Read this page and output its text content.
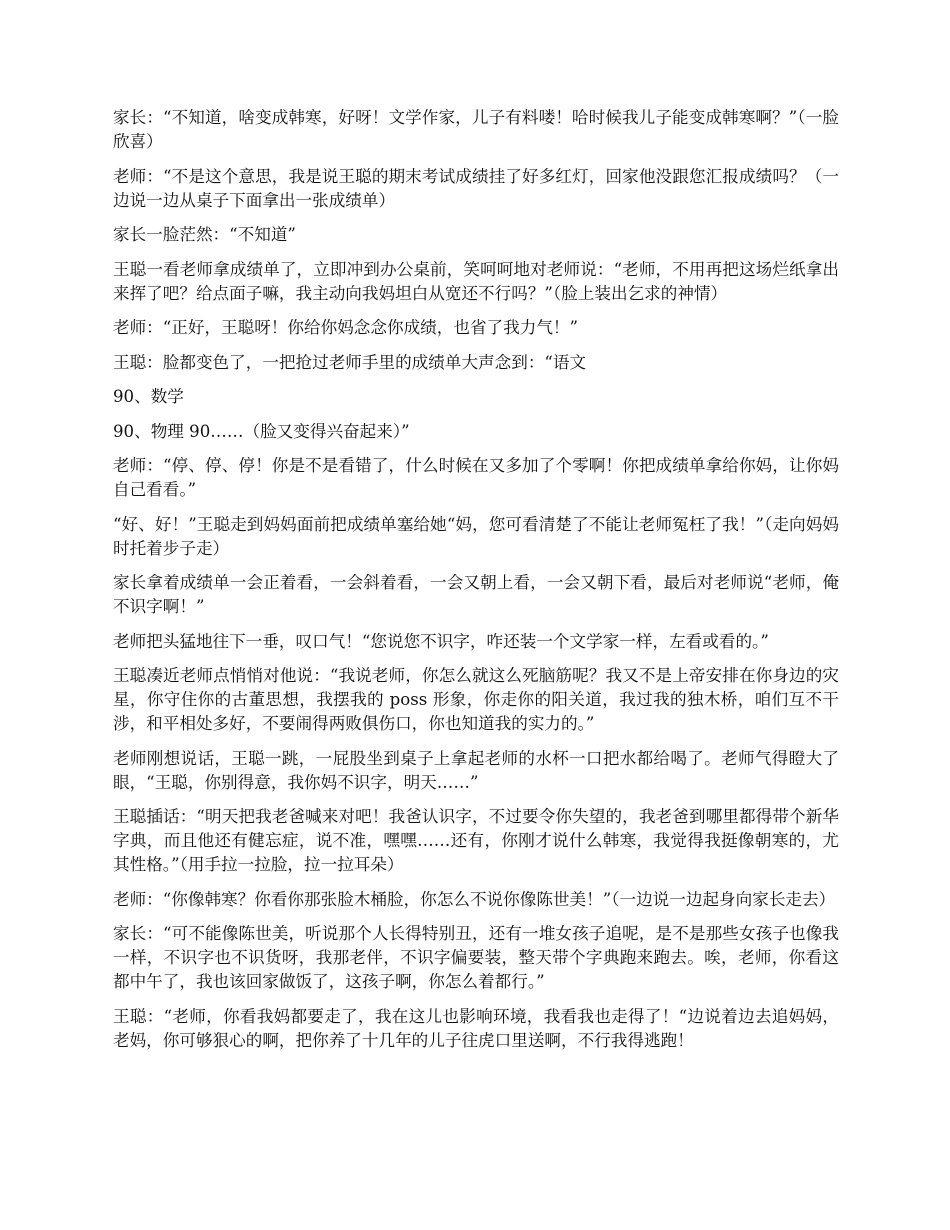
家长：“不知道，啥变成韩寒，好呀！文学作家，儿子有料喽！哈时候我儿子能变成韩寒啊？”（一脸欣喜）

老师：“不是这个意思，我是说王聪的期末考试成绩挂了好多红灯，回家他没跟您汇报成绩吗？（一边说一边从桌子下面拿出一张成绩单）

家长一脸茫然：“不知道”

王聪一看老师拿成绩单了，立即冲到办公桌前，笑呵呵地对老师说：“老师，不用再把这场烂纸拿出来挥了吧？给点面子嘛，我主动向我妈坦白从宽还不行吗？”（脸上装出乞求的神情）

老师：“正好，王聪呀！你给你妈念念你成绩，也省了我力气！”

王聪：脸都变色了，一把抢过老师手里的成绩单大声念到：“语文

90、数学

90、物理 90……（脸又变得兴奋起来）”

老师：“停、停、停！你是不是看错了，什么时候在又多加了个零啊！你把成绩单拿给你妈，让你妈自己看看。”

“好、好！”王聪走到妈妈面前把成绩单塞给她“妈，您可看清楚了不能让老师冤枉了我！”（走向妈妈时托着步子走）

家长拿着成绩单一会正着看，一会斜着看，一会又朝上看，一会又朝下看，最后对老师说“老师，俺不识字啊！”

老师把头猛地往下一垂，叹口气！“您说您不识字，咋还装一个文学家一样，左看或看的。”

王聪凑近老师点悄悄对他说：“我说老师，你怎么就这么死脑筋呢？我又不是上帝安排在你身边的灾星，你守住你的古董思想，我摆我的 poss 形象，你走你的阳关道，我过我的独木桥，咱们互不干涉，和平相处多好，不要闹得两败俱伤口，你也知道我的实力的。”

老师刚想说话，王聪一跳，一屁股坐到桌子上拿起老师的水杯一口把水都给喝了。老师气得瞪大了眼，“王聪，你别得意，我你妈不识字，明天……”

王聪插话：“明天把我老爸喊来对吧！我爸认识字，不过要令你失望的，我老爸到哪里都得带个新华字典，而且他还有健忘症，说不准，嘿嘿……还有，你刚才说什么韩寒，我觉得我挺像朝寒的，尤其性格。”（用手拉一拉脸，拉一拉耳朵）

老师：“你像韩寒？你看你那张脸木桶脸，你怎么不说你像陈世美！”（一边说一边起身向家长走去）

家长：“可不能像陈世美，听说那个人长得特别丑，还有一堆女孩子追呢，是不是那些女孩子也像我一样，不识字也不识货呀，我那老伴，不识字偏要装，整天带个字典跑来跑去。唉，老师，你看这都中午了，我也该回家做饭了，这孩子啊，你怎么着都行。”

王聪：“老师，你看我妈都要走了，我在这儿也影响环境，我看我也走得了！“边说着边去追妈妈，老妈，你可够狠心的啊，把你养了十几年的儿子往虎口里送啊，不行我得逃跑！
